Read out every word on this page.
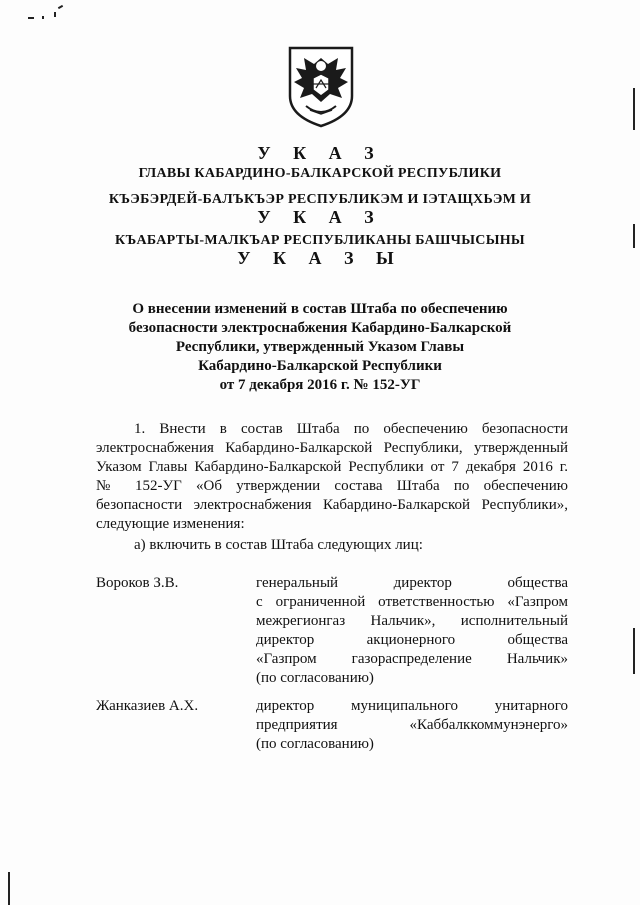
У К А З
ГЛАВЫ КАБАРДИНО-БАЛКАРСКОЙ РЕСПУБЛИКИ
КЪЭБЭРДЕЙ-БАЛЪКЪЭР РЕСПУБЛИКЭМ И ІЭТАЩХЬЭМ И
У К А З
КЪАБАРТЫ-МАЛКЪАР РЕСПУБЛИКАНЫ БАШЧЫСЫНЫ
У К А З Ы
О внесении изменений в состав Штаба по обеспечению
безопасности электроснабжения Кабардино-Балкарской
Республики, утвержденный Указом Главы
Кабардино-Балкарской Республики
от 7 декабря 2016 г. № 152-УГ
1. Внести в состав Штаба по обеспечению безопасности
электроснабжения Кабардино-Балкарской Республики, утвержденный
Указом Главы Кабардино-Балкарской Республики от 7 декабря 2016 г.
№ 152-УГ «Об утверждении состава Штаба по обеспечению
безопасности электроснабжения Кабардино-Балкарской Республики»,
следующие изменения:
а) включить в состав Штаба следующих лиц:
Вороков З.В.	генеральный директор общества
с ограниченной ответственностью «Газпром
межрегионгаз Нальчик», исполнительный
директор акционерного общества
«Газпром газораспределение Нальчик»
(по согласованию)
Жанказиев А.Х.	директор муниципального унитарного
предприятия «Каббалккоммунэнерго»
(по согласованию)
